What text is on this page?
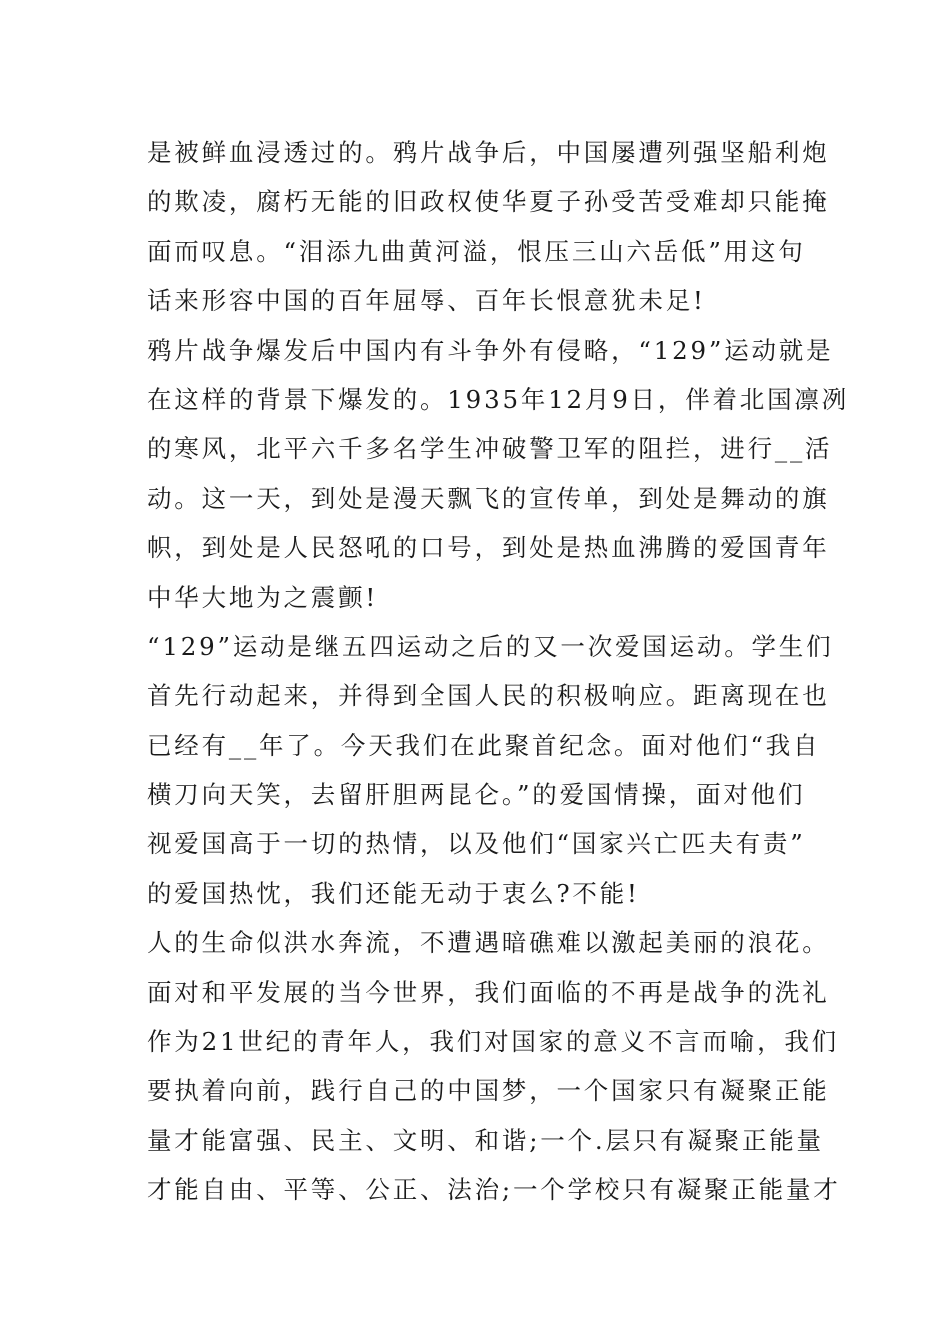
是被鲜血浸透过的。鸦片战争后，中国屡遭列强坚船利炮
的欺凌，腐朽无能的旧政权使华夏子孙受苦受难却只能掩
面而叹息。“泪添九曲黄河溢，恨压三山六岳低”用这句
话来形容中国的百年屈辱、百年长恨意犹未足!
鸦片战争爆发后中国内有斗争外有侵略，“129”运动就是
在这样的背景下爆发的。1935年12月9日，伴着北国凛冽
的寒风，北平六千多名学生冲破警卫军的阻拦，进行__活
动。这一天，到处是漫天飘飞的宣传单，到处是舞动的旗
帜，到处是人民怒吼的口号，到处是热血沸腾的爱国青年
中华大地为之震颤!
“129”运动是继五四运动之后的又一次爱国运动。学生们
首先行动起来，并得到全国人民的积极响应。距离现在也
已经有__年了。今天我们在此聚首纪念。面对他们“我自
横刀向天笑，去留肝胆两昆仑。”的爱国情操，面对他们
视爱国高于一切的热情，以及他们“国家兴亡匹夫有责”
的爱国热忱，我们还能无动于衷么?不能!
人的生命似洪水奔流，不遭遇暗礁难以激起美丽的浪花。
面对和平发展的当今世界，我们面临的不再是战争的洗礼
作为21世纪的青年人，我们对国家的意义不言而喻，我们
要执着向前，践行自己的中国梦，一个国家只有凝聚正能
量才能富强、民主、文明、和谐;一个.层只有凝聚正能量
才能自由、平等、公正、法治;一个学校只有凝聚正能量才
